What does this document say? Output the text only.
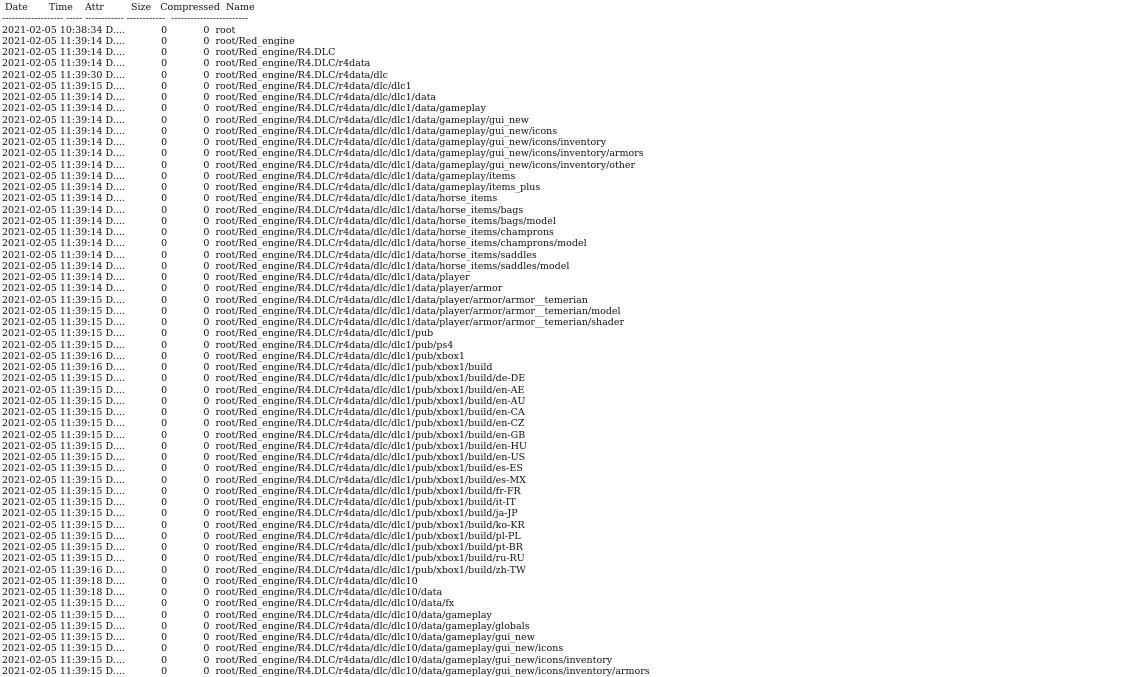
Date       Time    Attr         Size   Compressed  Name
------------------- ----- ------------ ------------  ------------------------
2021-02-05 10:38:34 D....            0            0 root
2021-02-05 11:39:14 D....            0            0 root/Red_engine
2021-02-05 11:39:14 D....            0            0 root/Red_engine/R4.DLC
2021-02-05 11:39:14 D....            0            0 root/Red_engine/R4.DLC/r4data
2021-02-05 11:39:30 D....            0            0 root/Red_engine/R4.DLC/r4data/dlc
2021-02-05 11:39:15 D....            0            0 root/Red_engine/R4.DLC/r4data/dlc/dlc1
2021-02-05 11:39:14 D....            0            0 root/Red_engine/R4.DLC/r4data/dlc/dlc1/data
2021-02-05 11:39:14 D....            0            0 root/Red_engine/R4.DLC/r4data/dlc/dlc1/data/gameplay
2021-02-05 11:39:14 D....            0            0 root/Red_engine/R4.DLC/r4data/dlc/dlc1/data/gameplay/gui_new
2021-02-05 11:39:14 D....            0            0 root/Red_engine/R4.DLC/r4data/dlc/dlc1/data/gameplay/gui_new/icons
2021-02-05 11:39:14 D....            0            0 root/Red_engine/R4.DLC/r4data/dlc/dlc1/data/gameplay/gui_new/icons/inventory
2021-02-05 11:39:14 D....            0            0 root/Red_engine/R4.DLC/r4data/dlc/dlc1/data/gameplay/gui_new/icons/inventory/armors
2021-02-05 11:39:14 D....            0            0 root/Red_engine/R4.DLC/r4data/dlc/dlc1/data/gameplay/gui_new/icons/inventory/other
2021-02-05 11:39:14 D....            0            0 root/Red_engine/R4.DLC/r4data/dlc/dlc1/data/gameplay/items
2021-02-05 11:39:14 D....            0            0 root/Red_engine/R4.DLC/r4data/dlc/dlc1/data/gameplay/items_plus
2021-02-05 11:39:14 D....            0            0 root/Red_engine/R4.DLC/r4data/dlc/dlc1/data/horse_items
2021-02-05 11:39:14 D....            0            0 root/Red_engine/R4.DLC/r4data/dlc/dlc1/data/horse_items/bags
2021-02-05 11:39:14 D....            0            0 root/Red_engine/R4.DLC/r4data/dlc/dlc1/data/horse_items/bags/model
2021-02-05 11:39:14 D....            0            0 root/Red_engine/R4.DLC/r4data/dlc/dlc1/data/horse_items/champrons
2021-02-05 11:39:14 D....            0            0 root/Red_engine/R4.DLC/r4data/dlc/dlc1/data/horse_items/champrons/model
2021-02-05 11:39:14 D....            0            0 root/Red_engine/R4.DLC/r4data/dlc/dlc1/data/horse_items/saddles
2021-02-05 11:39:14 D....            0            0 root/Red_engine/R4.DLC/r4data/dlc/dlc1/data/horse_items/saddles/model
2021-02-05 11:39:14 D....            0            0 root/Red_engine/R4.DLC/r4data/dlc/dlc1/data/player
2021-02-05 11:39:14 D....            0            0 root/Red_engine/R4.DLC/r4data/dlc/dlc1/data/player/armor
2021-02-05 11:39:15 D....            0            0 root/Red_engine/R4.DLC/r4data/dlc/dlc1/data/player/armor/armor__temerian
2021-02-05 11:39:15 D....            0            0 root/Red_engine/R4.DLC/r4data/dlc/dlc1/data/player/armor/armor__temerian/model
2021-02-05 11:39:15 D....            0            0 root/Red_engine/R4.DLC/r4data/dlc/dlc1/data/player/armor/armor__temerian/shader
2021-02-05 11:39:15 D....            0            0 root/Red_engine/R4.DLC/r4data/dlc/dlc1/pub
2021-02-05 11:39:15 D....            0            0 root/Red_engine/R4.DLC/r4data/dlc/dlc1/pub/ps4
2021-02-05 11:39:16 D....            0            0 root/Red_engine/R4.DLC/r4data/dlc/dlc1/pub/xbox1
2021-02-05 11:39:16 D....            0            0 root/Red_engine/R4.DLC/r4data/dlc/dlc1/pub/xbox1/build
2021-02-05 11:39:15 D....            0            0 root/Red_engine/R4.DLC/r4data/dlc/dlc1/pub/xbox1/build/de-DE
2021-02-05 11:39:15 D....            0            0 root/Red_engine/R4.DLC/r4data/dlc/dlc1/pub/xbox1/build/en-AE
2021-02-05 11:39:15 D....            0            0 root/Red_engine/R4.DLC/r4data/dlc/dlc1/pub/xbox1/build/en-AU
2021-02-05 11:39:15 D....            0            0 root/Red_engine/R4.DLC/r4data/dlc/dlc1/pub/xbox1/build/en-CA
2021-02-05 11:39:15 D....            0            0 root/Red_engine/R4.DLC/r4data/dlc/dlc1/pub/xbox1/build/en-CZ
2021-02-05 11:39:15 D....            0            0 root/Red_engine/R4.DLC/r4data/dlc/dlc1/pub/xbox1/build/en-GB
2021-02-05 11:39:15 D....            0            0 root/Red_engine/R4.DLC/r4data/dlc/dlc1/pub/xbox1/build/en-HU
2021-02-05 11:39:15 D....            0            0 root/Red_engine/R4.DLC/r4data/dlc/dlc1/pub/xbox1/build/en-US
2021-02-05 11:39:15 D....            0            0 root/Red_engine/R4.DLC/r4data/dlc/dlc1/pub/xbox1/build/es-ES
2021-02-05 11:39:15 D....            0            0 root/Red_engine/R4.DLC/r4data/dlc/dlc1/pub/xbox1/build/es-MX
2021-02-05 11:39:15 D....            0            0 root/Red_engine/R4.DLC/r4data/dlc/dlc1/pub/xbox1/build/fr-FR
2021-02-05 11:39:15 D....            0            0 root/Red_engine/R4.DLC/r4data/dlc/dlc1/pub/xbox1/build/it-IT
2021-02-05 11:39:15 D....            0            0 root/Red_engine/R4.DLC/r4data/dlc/dlc1/pub/xbox1/build/ja-JP
2021-02-05 11:39:15 D....            0            0 root/Red_engine/R4.DLC/r4data/dlc/dlc1/pub/xbox1/build/ko-KR
2021-02-05 11:39:15 D....            0            0 root/Red_engine/R4.DLC/r4data/dlc/dlc1/pub/xbox1/build/pl-PL
2021-02-05 11:39:15 D....            0            0 root/Red_engine/R4.DLC/r4data/dlc/dlc1/pub/xbox1/build/pt-BR
2021-02-05 11:39:15 D....            0            0 root/Red_engine/R4.DLC/r4data/dlc/dlc1/pub/xbox1/build/ru-RU
2021-02-05 11:39:16 D....            0            0 root/Red_engine/R4.DLC/r4data/dlc/dlc1/pub/xbox1/build/zh-TW
2021-02-05 11:39:18 D....            0            0 root/Red_engine/R4.DLC/r4data/dlc/dlc10
2021-02-05 11:39:18 D....            0            0 root/Red_engine/R4.DLC/r4data/dlc/dlc10/data
2021-02-05 11:39:15 D....            0            0 root/Red_engine/R4.DLC/r4data/dlc/dlc10/data/fx
2021-02-05 11:39:15 D....            0            0 root/Red_engine/R4.DLC/r4data/dlc/dlc10/data/gameplay
2021-02-05 11:39:15 D....            0            0 root/Red_engine/R4.DLC/r4data/dlc/dlc10/data/gameplay/globals
2021-02-05 11:39:15 D....            0            0 root/Red_engine/R4.DLC/r4data/dlc/dlc10/data/gameplay/gui_new
2021-02-05 11:39:15 D....            0            0 root/Red_engine/R4.DLC/r4data/dlc/dlc10/data/gameplay/gui_new/icons
2021-02-05 11:39:15 D....            0            0 root/Red_engine/R4.DLC/r4data/dlc/dlc10/data/gameplay/gui_new/icons/inventory
2021-02-05 11:39:15 D....            0            0 root/Red_engine/R4.DLC/r4data/dlc/dlc10/data/gameplay/gui_new/icons/inventory/armors
